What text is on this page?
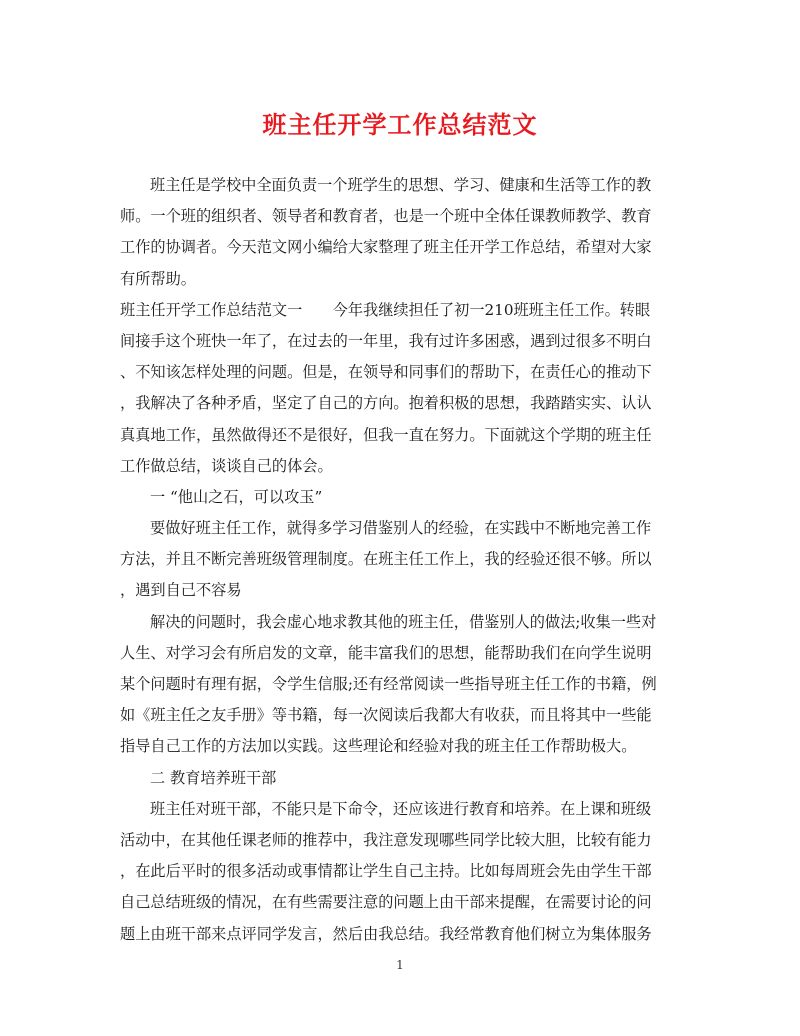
班主任开学工作总结范文
班主任是学校中全面负责一个班学生的思想、学习、健康和生活等工作的教
师。一个班的组织者、领导者和教育者，也是一个班中全体任课教师教学、教育
工作的协调者。今天范文网小编给大家整理了班主任开学工作总结，希望对大家
有所帮助。
班主任开学工作总结范文一　　今年我继续担任了初一210班班主任工作。转眼
间接手这个班快一年了，在过去的一年里，我有过许多困惑，遇到过很多不明白
、不知该怎样处理的问题。但是，在领导和同事们的帮助下，在责任心的推动下
，我解决了各种矛盾，坚定了自己的方向。抱着积极的思想，我踏踏实实、认认
真真地工作，虽然做得还不是很好，但我一直在努力。下面就这个学期的班主任
工作做总结，谈谈自己的体会。
一 “他山之石，可以攻玉”
要做好班主任工作，就得多学习借鉴别人的经验，在实践中不断地完善工作
方法，并且不断完善班级管理制度。在班主任工作上，我的经验还很不够。所以
，遇到自己不容易
解决的问题时，我会虚心地求教其他的班主任，借鉴别人的做法;收集一些对
人生、对学习会有所启发的文章，能丰富我们的思想，能帮助我们在向学生说明
某个问题时有理有据，令学生信服;还有经常阅读一些指导班主任工作的书籍，例
如《班主任之友手册》等书籍，每一次阅读后我都大有收获，而且将其中一些能
指导自己工作的方法加以实践。这些理论和经验对我的班主任工作帮助极大。
二 教育培养班干部
班主任对班干部，不能只是下命令，还应该进行教育和培养。在上课和班级
活动中，在其他任课老师的推荐中，我注意发现哪些同学比较大胆，比较有能力
，在此后平时的很多活动或事情都让学生自己主持。比如每周班会先由学生干部
自己总结班级的情况，在有些需要注意的问题上由干部来提醒，在需要讨论的问
题上由班干部来点评同学发言，然后由我总结。我经常教育他们树立为集体服务
1
